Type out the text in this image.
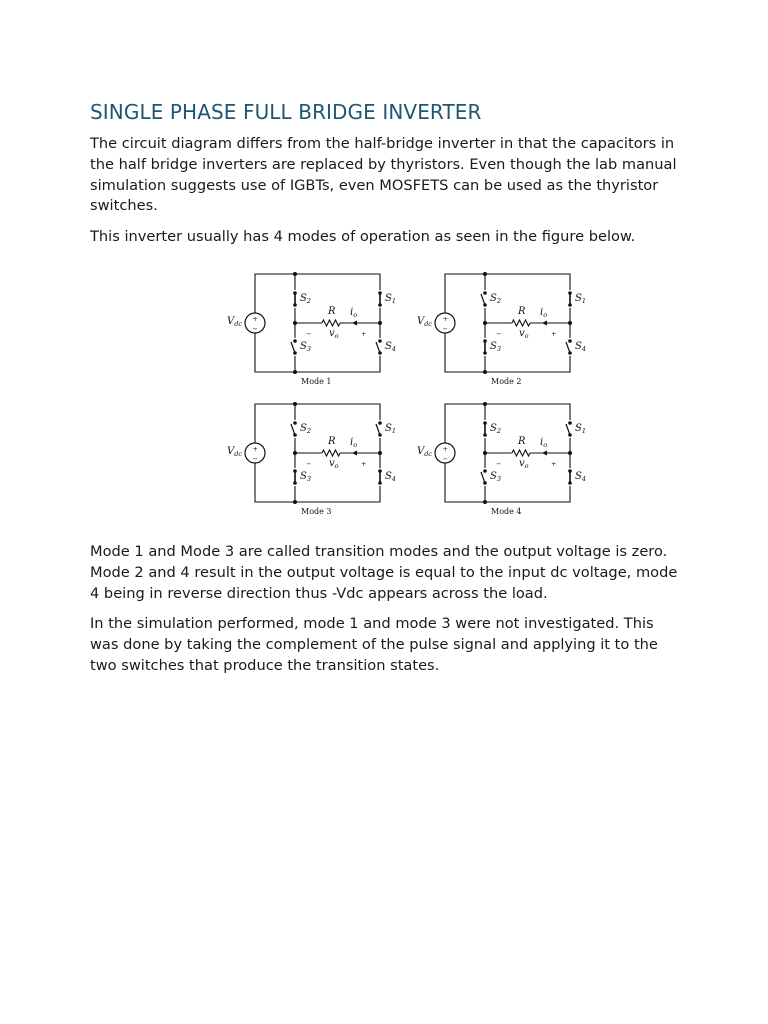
SINGLE PHASE FULL BRIDGE INVERTER

The circuit diagram differs from the half-bridge inverter in that the capacitors in the half bridge inverters are replaced by thyristors. Even though the lab manual simulation suggests use of IGBTs, even MOSFETS can be used as the thyristor switches.

This inverter usually has 4 modes of operation as seen in the figure below.

+
−
$V_{dc}$
R $i_o$
$v_o$
−	+
$S_2$
$S_3$
$S_1$
$S_4$
Mode 1
+
−
$V_{dc}$
R $i_o$
$v_o$
−	+
$S_2$
$S_3$
$S_1$
$S_4$
Mode 2
+
−
$V_{dc}$
R $i_o$
$v_o$
−	+
$S_2$
$S_3$
$S_1$
$S_4$
Mode 3
+
−
$V_{dc}$
R $i_o$
$v_o$
−	+
$S_2$
$S_3$
$S_1$
$S_4$
Mode 4

Mode 1 and Mode 3 are called transition modes and the output voltage is zero. Mode 2 and 4 result in the output voltage is equal to the input dc voltage, mode 4 being in reverse direction thus -Vdc appears across the load.

In the simulation performed, mode 1 and mode 3 were not investigated. This was done by taking the complement of the pulse signal and applying it to the two switches that produce the transition states.
